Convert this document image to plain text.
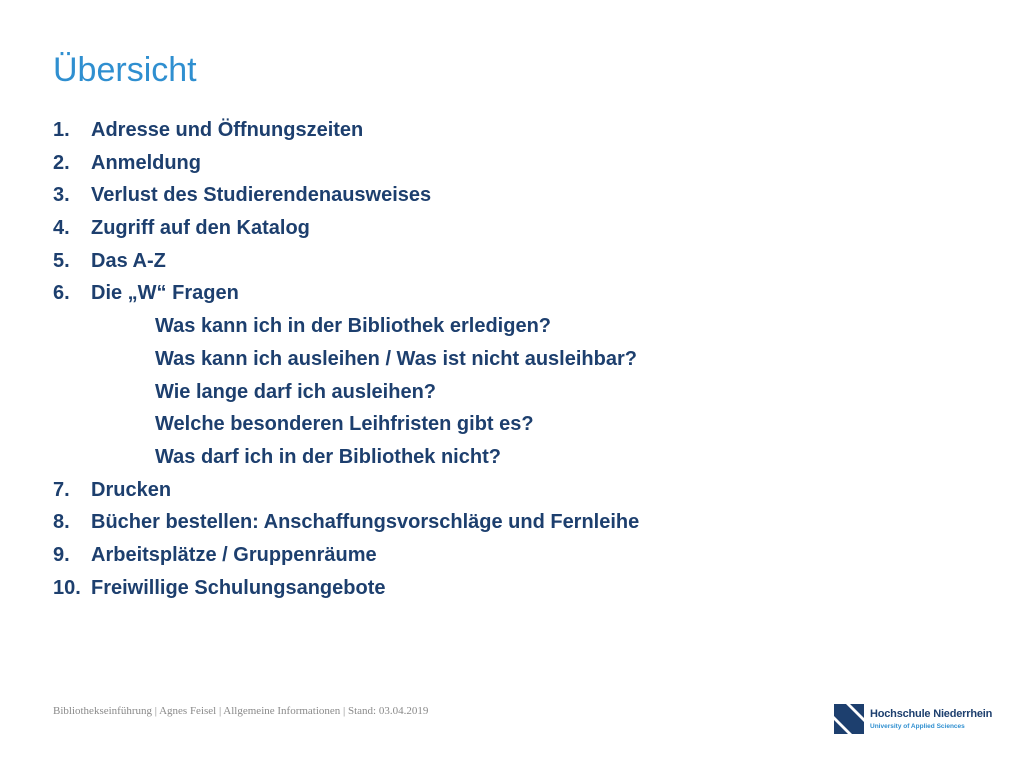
Übersicht
1. Adresse und Öffnungszeiten
2. Anmeldung
3. Verlust des Studierendenausweises
4. Zugriff auf den Katalog
5. Das A-Z
6. Die „W“ Fragen
Was kann ich in der Bibliothek erledigen?
Was kann ich ausleihen / Was ist nicht ausleihbar?
Wie lange darf ich ausleihen?
Welche besonderen Leihfristen gibt es?
Was darf ich in der Bibliothek nicht?
7. Drucken
8. Bücher bestellen: Anschaffungsvorschläge und Fernleihe
9. Arbeitsplätze / Gruppenräume
10. Freiwillige Schulungsangebote
Bibliothekseinführung | Agnes Feisel | Allgemeine Informationen | Stand: 03.04.2019	Hochschule Niederrhein
University of Applied Sciences
